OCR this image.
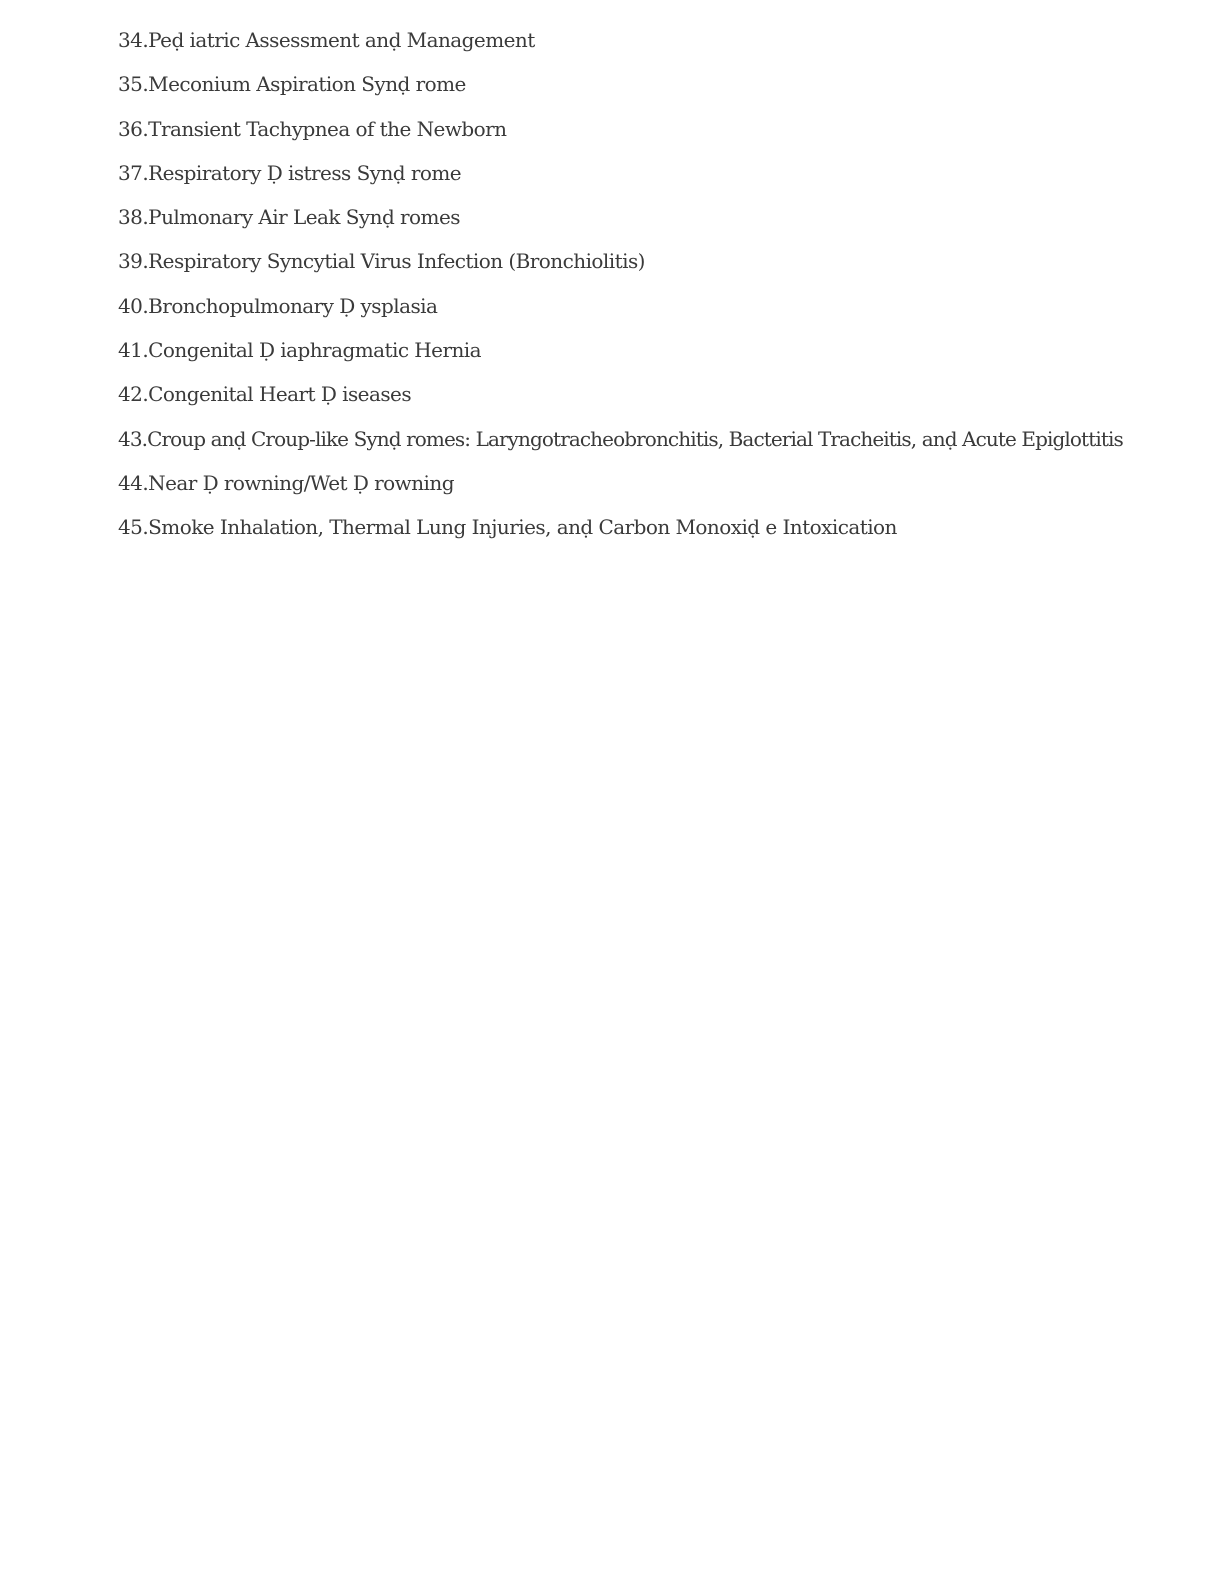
34.Peḍ iatric Assessment anḍ Management
35.Meconium Aspiration Synḍ rome
36.Transient Tachypnea of the Newborn
37.Respiratory Ḍ istress Synḍ rome
38.Pulmonary Air Leak Synḍ romes
39.Respiratory Syncytial Virus Infection (Bronchiolitis)
40.Bronchopulmonary Ḍ ysplasia
41.Congenital Ḍ iaphragmatic Hernia
42.Congenital Heart Ḍ iseases
43.Croup anḍ Croup-like Synḍ romes: Laryngotracheobronchitis, Bacterial Tracheitis, anḍ Acute Epiglottitis
44.Near Ḍ rowning/Wet Ḍ rowning
45.Smoke Inhalation, Thermal Lung Injuries, anḍ Carbon Monoxiḍ e Intoxication
